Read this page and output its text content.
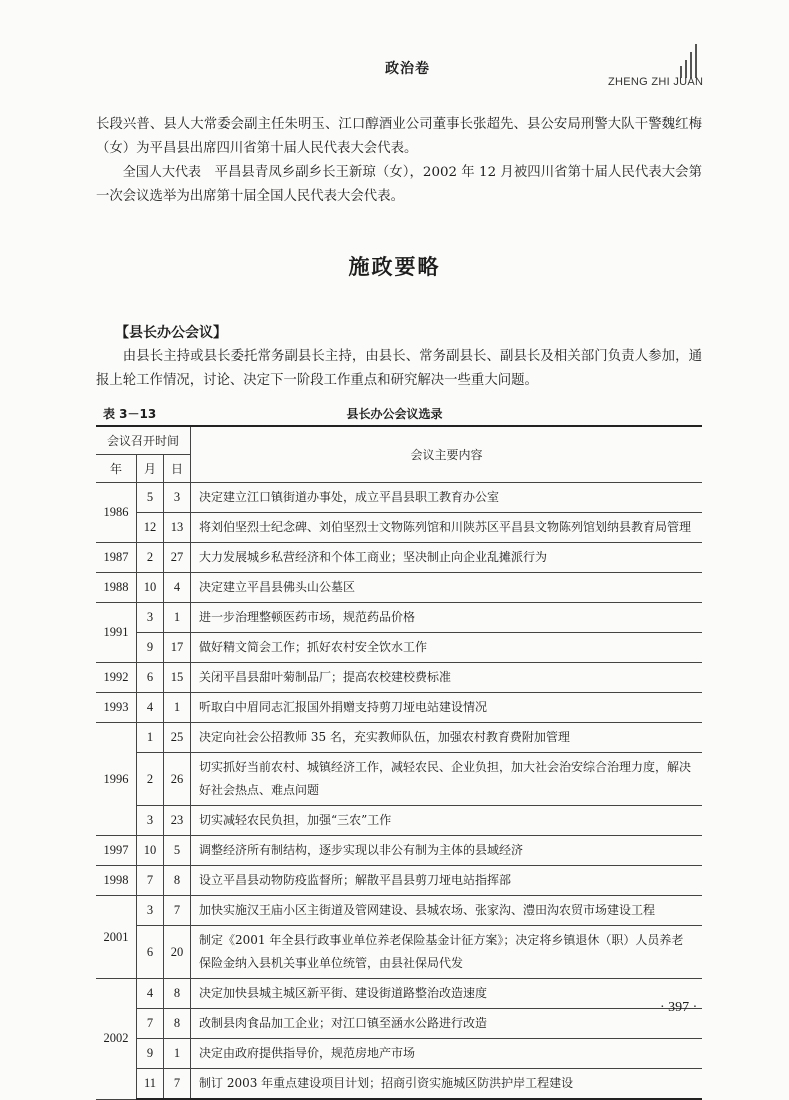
政治卷
ZHENG ZHI JUAN

长段兴普、县人大常委会副主任朱明玉、江口醇酒业公司董事长张超先、县公安局刑警大队干警魏红梅（女）为平昌县出席四川省第十届人民代表大会代表。

全国人大代表　平昌县青凤乡副乡长王新琼（女），2002 年 12 月被四川省第十届人民代表大会第一次会议选举为出席第十届全国人民代表大会代表。

施政要略
【县长办公会议】

由县长主持或县长委托常务副县长主持，由县长、常务副县长、副县长及相关部门负责人参加，通报上轮工作情况，讨论、决定下一阶段工作重点和研究解决一些重大问题。

表 3－13	县长办公会议选录
会议召开时间			会议主要内容
年	月	日	
1986	5	3	决定建立江口镇街道办事处，成立平昌县职工教育办公室
	12	13	将刘伯坚烈士纪念碑、刘伯坚烈士文物陈列馆和川陕苏区平昌县文物陈列馆划纳县教育局管理
1987	2	27	大力发展城乡私营经济和个体工商业；坚决制止向企业乱摊派行为
1988	10	4	决定建立平昌县佛头山公墓区
1991	3	1	进一步治理整顿医药市场，规范药品价格
	9	17	做好精文简会工作；抓好农村安全饮水工作
1992	6	15	关闭平昌县甜叶菊制品厂；提高农校建校费标准
1993	4	1	听取白中眉同志汇报国外捐赠支持剪刀垭电站建设情况
1996	1	25	决定向社会公招教师 35 名，充实教师队伍，加强农村教育费附加管理
	2	26	切实抓好当前农村、城镇经济工作，减轻农民、企业负担，加大社会治安综合治理力度，解决好社会热点、难点问题
	3	23	切实减轻农民负担，加强“三农”工作
1997	10	5	调整经济所有制结构，逐步实现以非公有制为主体的县域经济
1998	7	8	设立平昌县动物防疫监督所；解散平昌县剪刀垭电站指挥部
2001	3	7	加快实施汉王庙小区主街道及管网建设、县城农场、张家沟、澧田沟农贸市场建设工程
	6	20	制定《2001 年全县行政事业单位养老保险基金计征方案》；决定将乡镇退休（职）人员养老保险金纳入县机关事业单位统管，由县社保局代发
2002	4	8	决定加快县城主城区新平街、建设街道路整治改造速度
	7	8	改制县肉食品加工企业；对江口镇至涵水公路进行改造
	9	1	决定由政府提供指导价，规范房地产市场
	11	7	制订 2003 年重点建设项目计划；招商引资实施城区防洪护岸工程建设
· 397 ·
